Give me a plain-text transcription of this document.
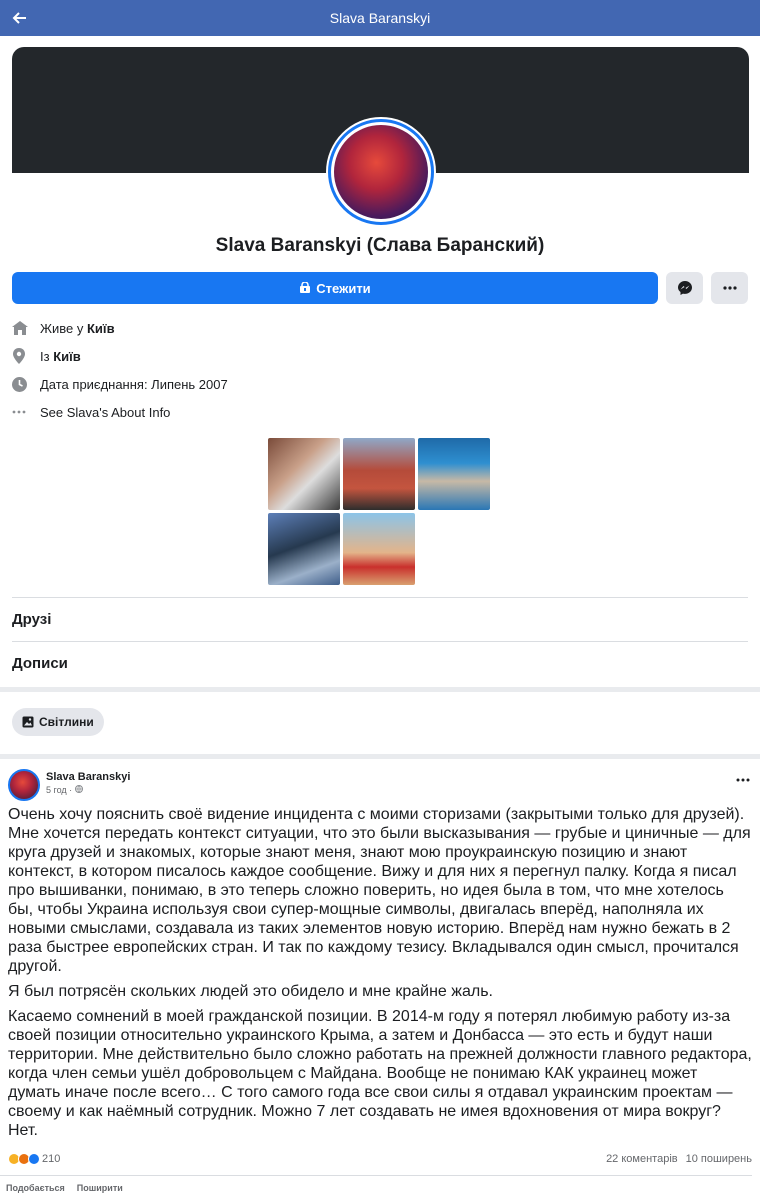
Slava Baranskyi
Slava Baranskyi (Слава Баранский)
Стежити
Живе у
Київ
Із
Київ
Дата приєднання: Липень 2007
See Slava's About Info
Друзі
Дописи
Світлини
Slava Baranskyi
5 год ·

Очень хочу пояснить своё видение инцидента с моими сторизами (закрытыми только для друзей). Мне хочется передать контекст ситуации, что это были высказывания — грубые и циничные — для круга друзей и знакомых, которые знают меня, знают мою проукраинскую позицию и знают контекст, в котором писалось каждое сообщение. Вижу и для них я перегнул палку. Когда я писал про вышиванки, понимаю, в это теперь сложно поверить, но идея была в том, что мне хотелось бы, чтобы Украина используя свои супер-мощные символы, двигалась вперёд, наполняла их новыми смыслами, создавала из таких элементов новую историю. Вперёд нам нужно бежать в 2 раза быстрее европейских стран. И так по каждому тезису. Вкладывался один смысл, прочитался другой.

Я был потрясён скольких людей это обидело и мне крайне жаль.

Касаемо сомнений в моей гражданской позиции. В 2014-м году я потерял любимую работу из-за своей позиции относительно украинского Крыма, а затем и Донбасса — это есть и будут наши территории. Мне действительно было сложно работать на прежней должности главного редактора, когда член семьи ушёл добровольцем с Майдана. Вообще не понимаю КАК украинец может думать иначе после всего… С того самого года все свои силы я отдавал украинским проектам — своему и как наёмный сотрудник. Можно 7 лет создавать не имея вдохновения от мира вокруг? Нет.

210	22 коментарів 10 поширень
Подобається Поширити
